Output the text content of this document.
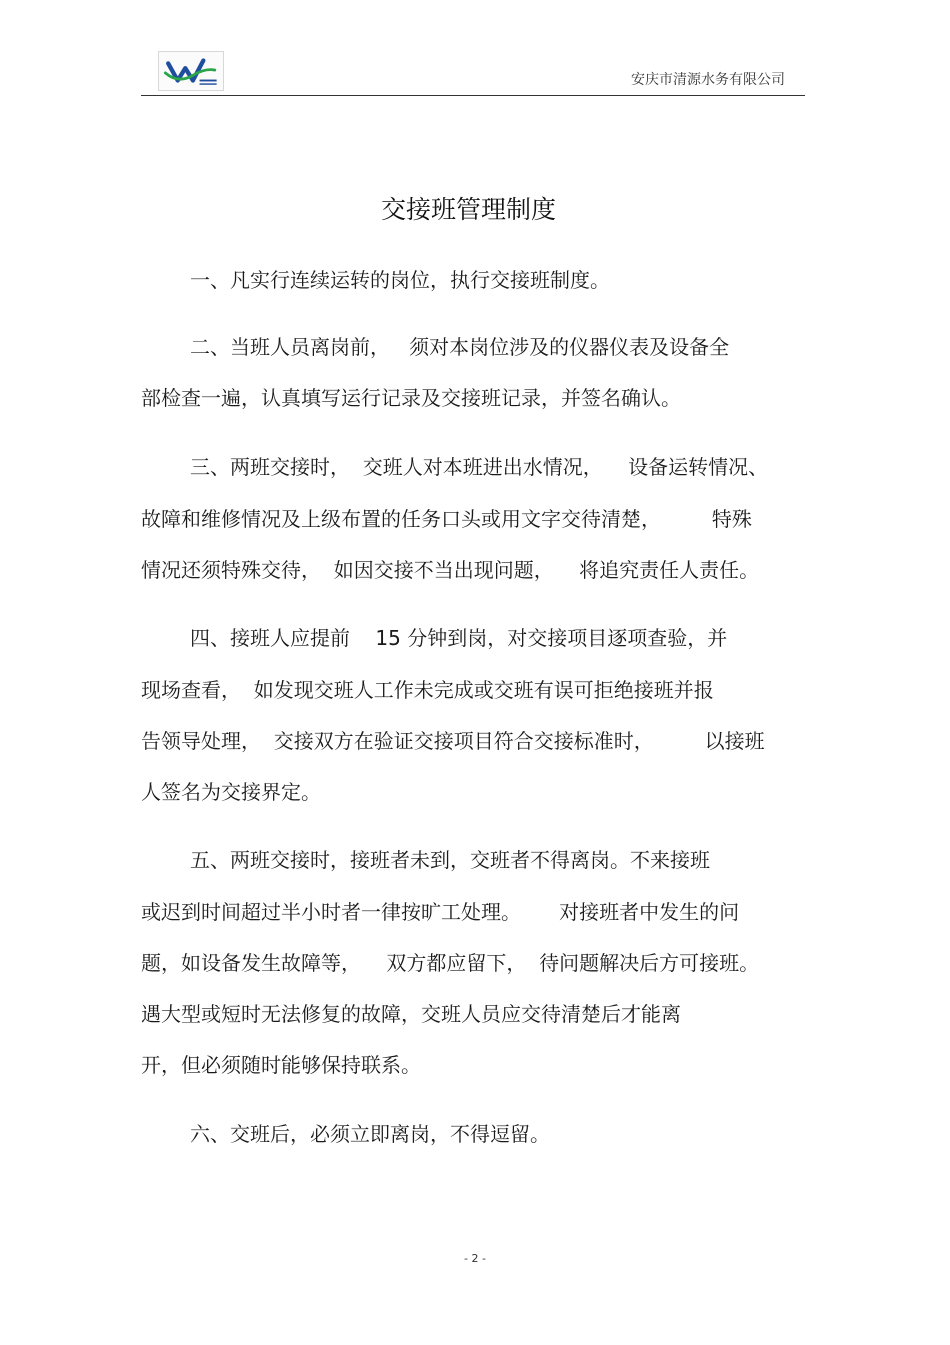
安庆市清源水务有限公司
交接班管理制度
一、凡实行连续运转的岗位，执行交接班制度。
二、当班人员离岗前，   须对本岗位涉及的仪器仪表及设备全
部检查一遍，认真填写运行记录及交接班记录，并签名确认。
三、两班交接时，  交班人对本班进出水情况，    设备运转情况、
故障和维修情况及上级布置的任务口头或用文字交待清楚，        特殊
情况还须特殊交待，  如因交接不当出现问题，    将追究责任人责任。
四、接班人应提前    15 分钟到岗，对交接项目逐项查验，并
现场查看，  如发现交班人工作未完成或交班有误可拒绝接班并报
告领导处理，  交接双方在验证交接项目符合交接标准时，        以接班
人签名为交接界定。
五、两班交接时，接班者未到，交班者不得离岗。不来接班
或迟到时间超过半小时者一律按旷工处理。      对接班者中发生的问
题，如设备发生故障等，    双方都应留下，  待问题解决后方可接班。
遇大型或短时无法修复的故障，交班人员应交待清楚后才能离
开，但必须随时能够保持联系。
六、交班后，必须立即离岗，不得逗留。
- 2 -
